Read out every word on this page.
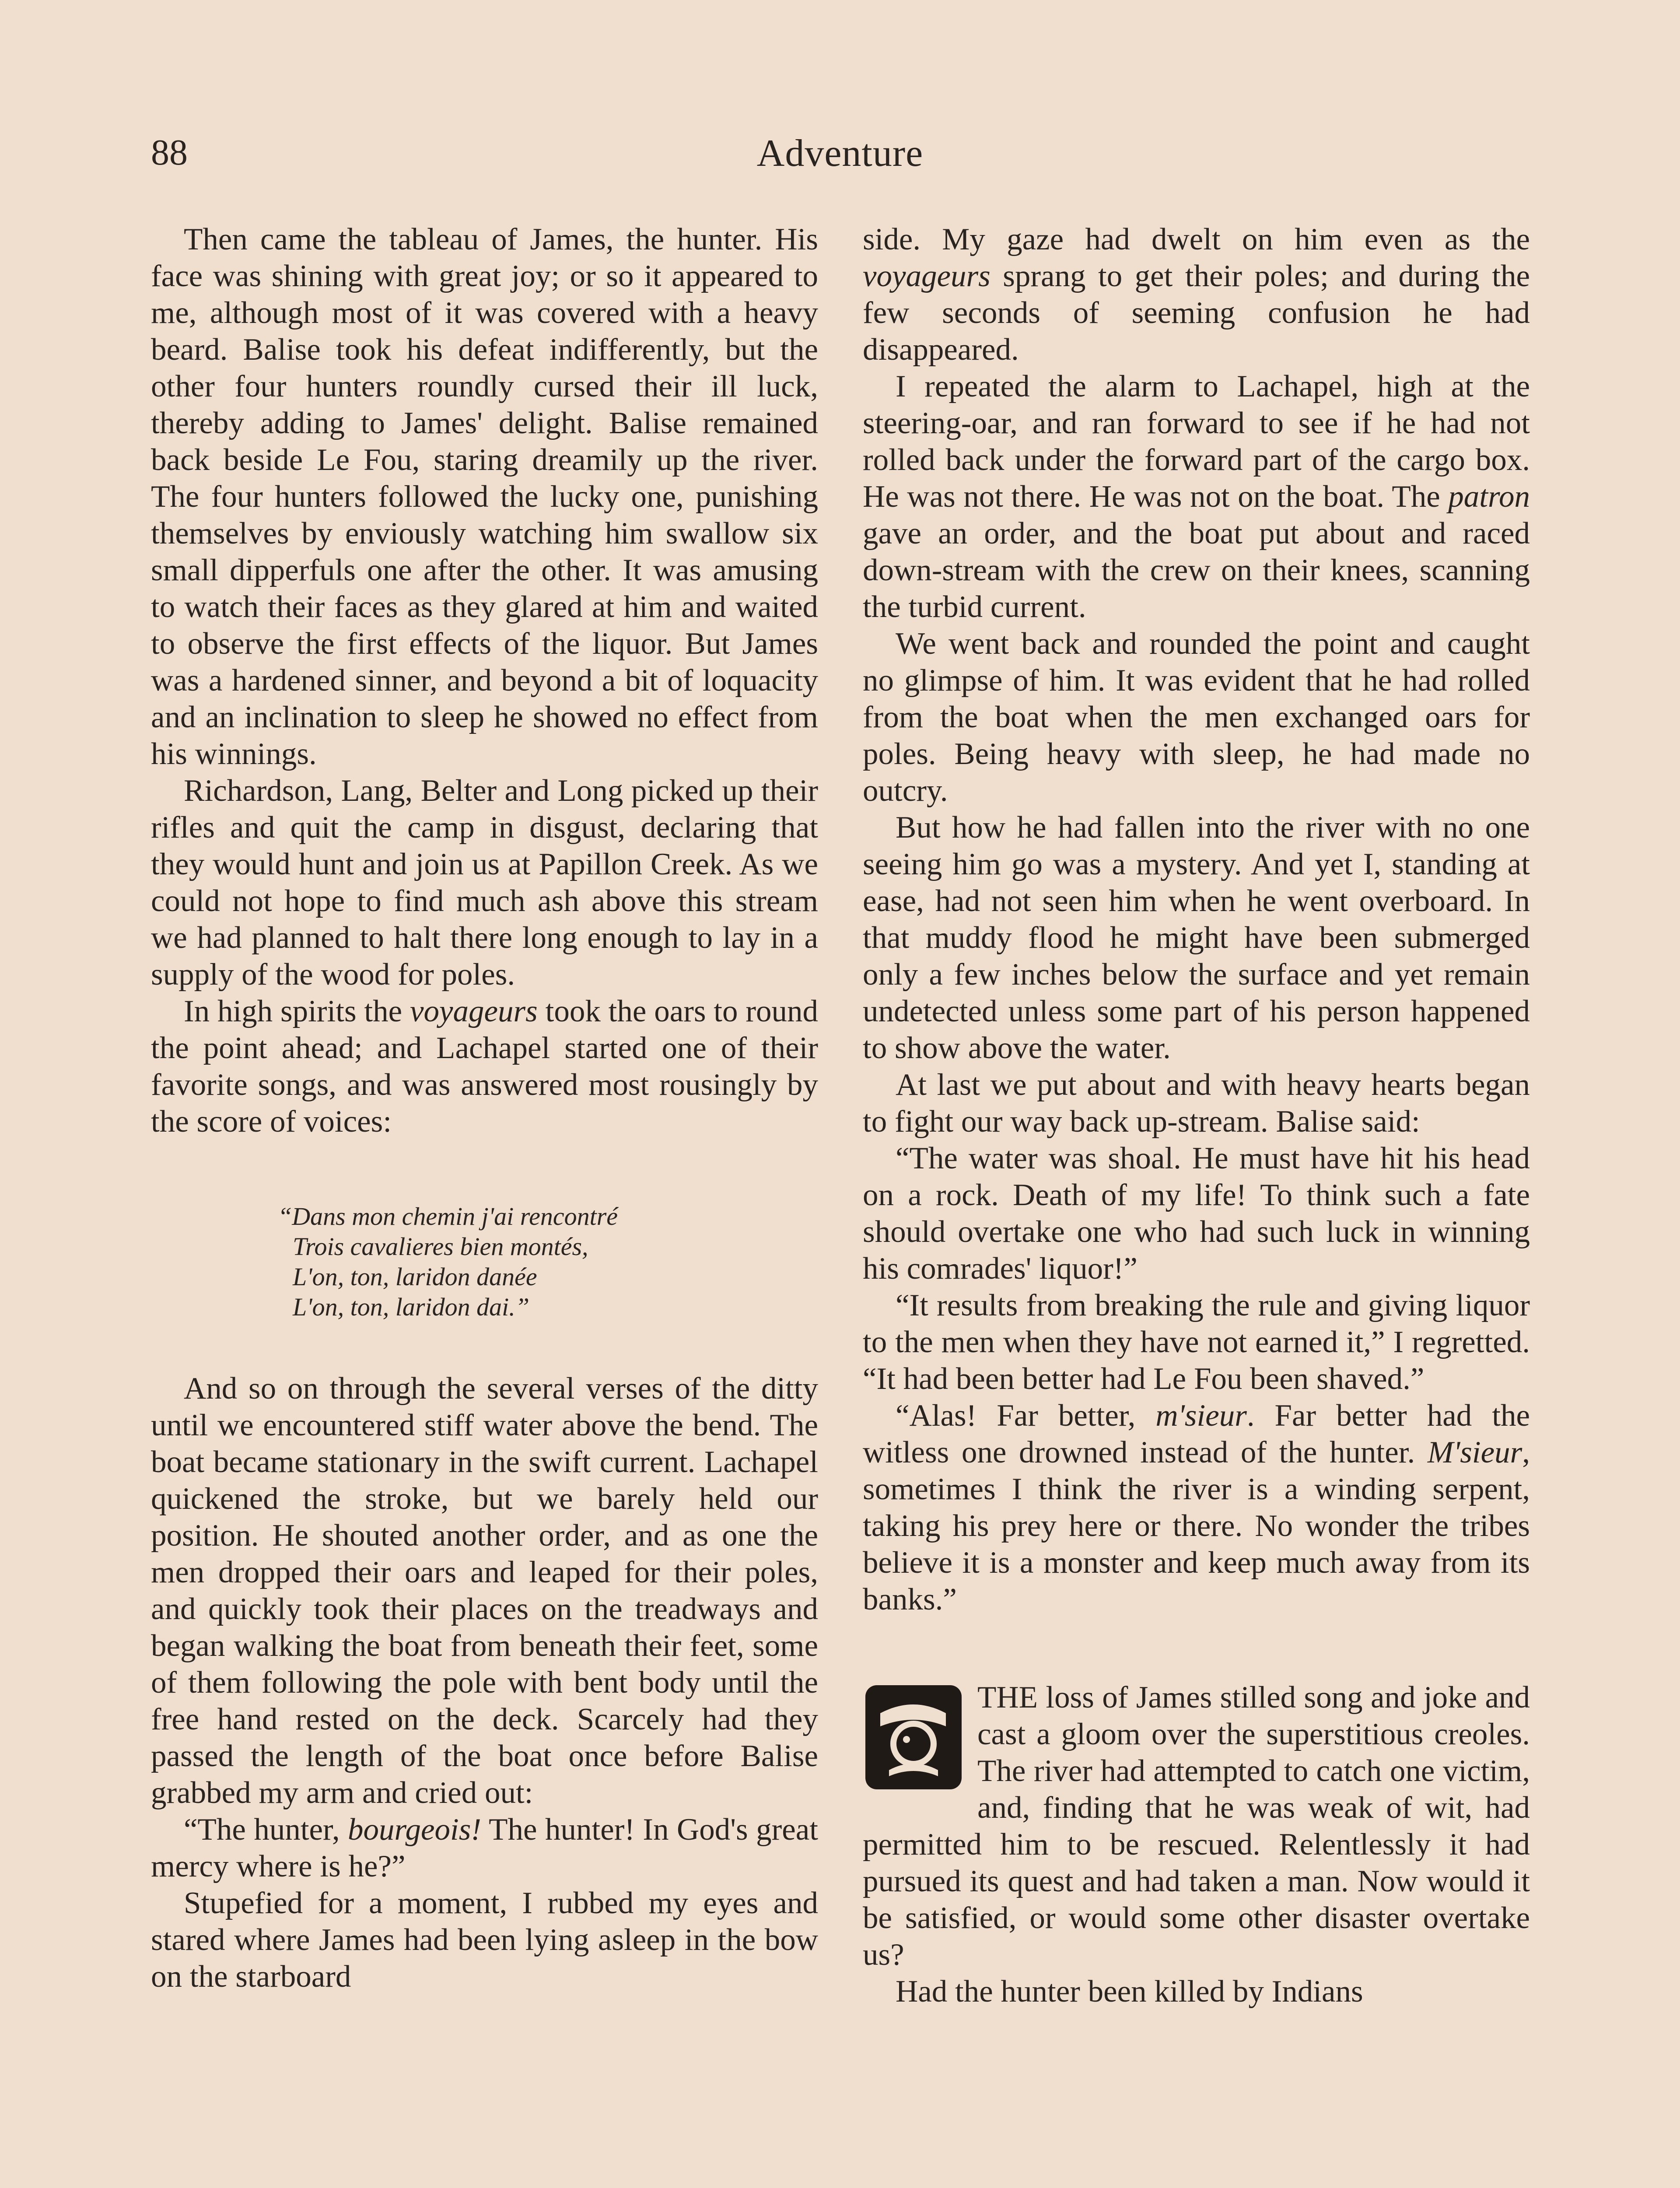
88	Adventure

Then came the tableau of James, the hunter. His face was shining with great joy; or so it appeared to me, although most of it was covered with a heavy beard. Balise took his defeat indifferently, but the other four hunters roundly cursed their ill luck, thereby adding to James' delight. Balise remained back beside Le Fou, staring dreamily up the river. The four hunters followed the lucky one, punishing themselves by enviously watching him swallow six small dipperfuls one after the other. It was amusing to watch their faces as they glared at him and waited to observe the first effects of the liquor. But James was a hardened sinner, and beyond a bit of loquacity and an inclination to sleep he showed no effect from his winnings.

Richardson, Lang, Belter and Long picked up their rifles and quit the camp in disgust, declaring that they would hunt and join us at Papillon Creek. As we could not hope to find much ash above this stream we had planned to halt there long enough to lay in a supply of the wood for poles.

In high spirits the voyageurs took the oars to round the point ahead; and Lachapel started one of their favorite songs, and was answered most rousingly by the score of voices:

“Dans mon chemin j'ai rencontré
Trois cavalieres bien montés,
L'on, ton, laridon danée
L'on, ton, laridon dai.”

And so on through the several verses of the ditty until we encountered stiff water above the bend. The boat became stationary in the swift current. Lachapel quickened the stroke, but we barely held our position. He shouted another order, and as one the men dropped their oars and leaped for their poles, and quickly took their places on the treadways and began walking the boat from beneath their feet, some of them following the pole with bent body until the free hand rested on the deck. Scarcely had they passed the length of the boat once before Balise grabbed my arm and cried out:

“The hunter, bourgeois! The hunter! In God's great mercy where is he?”

Stupefied for a moment, I rubbed my eyes and stared where James had been lying asleep in the bow on the starboard

side. My gaze had dwelt on him even as the voyageurs sprang to get their poles; and during the few seconds of seeming confusion he had disappeared.

I repeated the alarm to Lachapel, high at the steering-oar, and ran forward to see if he had not rolled back under the forward part of the cargo box. He was not there. He was not on the boat. The patron gave an order, and the boat put about and raced down-stream with the crew on their knees, scanning the turbid current.

We went back and rounded the point and caught no glimpse of him. It was evident that he had rolled from the boat when the men exchanged oars for poles. Being heavy with sleep, he had made no outcry.

But how he had fallen into the river with no one seeing him go was a mystery. And yet I, standing at ease, had not seen him when he went overboard. In that muddy flood he might have been submerged only a few inches below the surface and yet remain undetected unless some part of his person happened to show above the water.

At last we put about and with heavy hearts began to fight our way back up-stream. Balise said:

“The water was shoal. He must have hit his head on a rock. Death of my life! To think such a fate should overtake one who had such luck in winning his comrades' liquor!”

“It results from breaking the rule and giving liquor to the men when they have not earned it,” I regretted. “It had been better had Le Fou been shaved.”

“Alas! Far better, m'sieur. Far better had the witless one drowned instead of the hunter. M'sieur, sometimes I think the river is a winding serpent, taking his prey here or there. No wonder the tribes believe it is a monster and keep much away from its banks.”

THE loss of James stilled song and joke and cast a gloom over the superstitious creoles. The river had attempted to catch one victim, and, finding that he was weak of wit, had permitted him to be rescued. Relentlessly it had pursued its quest and had taken a man. Now would it be satisfied, or would some other disaster overtake us?

Had the hunter been killed by Indians
